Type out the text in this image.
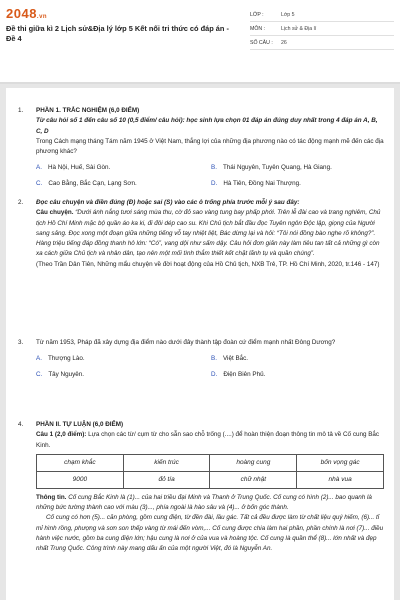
2048.vn
Đề thi giữa kì 2 Lịch sử&Địa lý lớp 5 Kết nối tri thức có đáp án - Đề 4
LỚP :	Lớp 5
MÔN :	Lịch sử & Địa lí
SỐ CÂU :	26
1.	PHẦN 1. TRẮC NGHIỆM (6,0 ĐIỂM)
Từ câu hỏi số 1 đến câu số 10 (0,5 điểm/ câu hỏi): học sinh lựa chọn 01 đáp án đúng duy nhất trong 4 đáp án A, B, C, D
Trong Cách mạng tháng Tám năm 1945 ở Việt Nam, thắng lợi của những địa phương nào có tác động mạnh mẽ đến các địa phương khác?
A. Hà Nội, Huế, Sài Gòn.	B. Thái Nguyên, Tuyên Quang, Hà Giang.
C. Cao Bằng, Bắc Cạn, Lạng Sơn.	D. Hà Tiên, Đồng Nai Thượng.
2.	Đọc câu chuyện và điền đúng (Đ) hoặc sai (S) vào các ô trống phía trước mỗi ý sau đây:
Câu chuyện. “Dưới ánh nắng tươi sáng mùa thu, cờ đỏ sao vàng tung bay phấp phới. Trên lễ đài cao và trang nghiêm, Chủ tịch Hồ Chí Minh mặc bộ quần áo ka ki, đi đôi dép cao su. Khi Chủ tịch bắt đầu đọc Tuyên ngôn Độc lập, giọng của Người sang sảng. Đọc xong một đoạn giữa những tiếng vỗ tay nhiệt liệt, Bác dừng lại và hỏi: “Tôi nói đồng bào nghe rõ không?”. Hàng triệu tiếng đáp đồng thanh hô lớn: “Có”, vang dội như sấm dậy. Câu hỏi đơn giản này làm tiêu tan tất cả những gì còn xa cách giữa Chủ tịch và nhân dân, tạo nên một mối tình thắm thiết kết chặt lãnh tụ và quần chúng”.
(Theo Trần Dân Tiên, Những mẩu chuyện về đời hoạt động của Hồ Chủ tịch, NXB Trẻ, TP. Hồ Chí Minh, 2020, tr.146 - 147)
3.	Từ năm 1953, Pháp đã xây dựng địa điểm nào dưới đây thành tập đoàn cứ điểm mạnh nhất Đông Dương?
A. Thượng Lào.	B. Việt Bắc.
C. Tây Nguyên.	D. Điện Biên Phủ.
4.	PHẦN II. TỰ LUẬN (6,0 ĐIỂM)
Câu 1 (2,0 điểm): Lựa chọn các từ/ cụm từ cho sẵn sao chỗ trống (....) để hoàn thiện đoạn thông tin mô tả về Cố cung Bắc Kinh.
chạm khắc	kiến trúc	hoàng cung	bốn vọng gác
9000	đỏ tía	chữ nhật	nhà vua
Thông tin. Cố cung Bắc Kinh là (1)... của hai triều đại Minh và Thanh ở Trung Quốc. Cố cung có hình (2)... bao quanh là những bức tường thành cao với màu (3)..., phía ngoài là hào sâu và (4)... ở bốn góc thành.
Cố cung có hơn (5)... căn phòng, gồm cung điện, từ đền đài, lầu gác. Tất cả đều được làm từ chất liệu quý hiếm, (6)... tỉ mỉ hình rồng, phượng và sơn son thếp vàng từ mái đến vòm,... Cố cung được chia làm hai phần, phần chính là nơi (7)... điều hành việc nước, gồm ba cung điện lớn; hậu cung là nơi ở của vua và hoàng tộc. Cố cung là quần thể (8)... lớn nhất và đẹp nhất Trung Quốc. Công trình này mang dấu ấn của một người Việt, đó là Nguyễn An.
